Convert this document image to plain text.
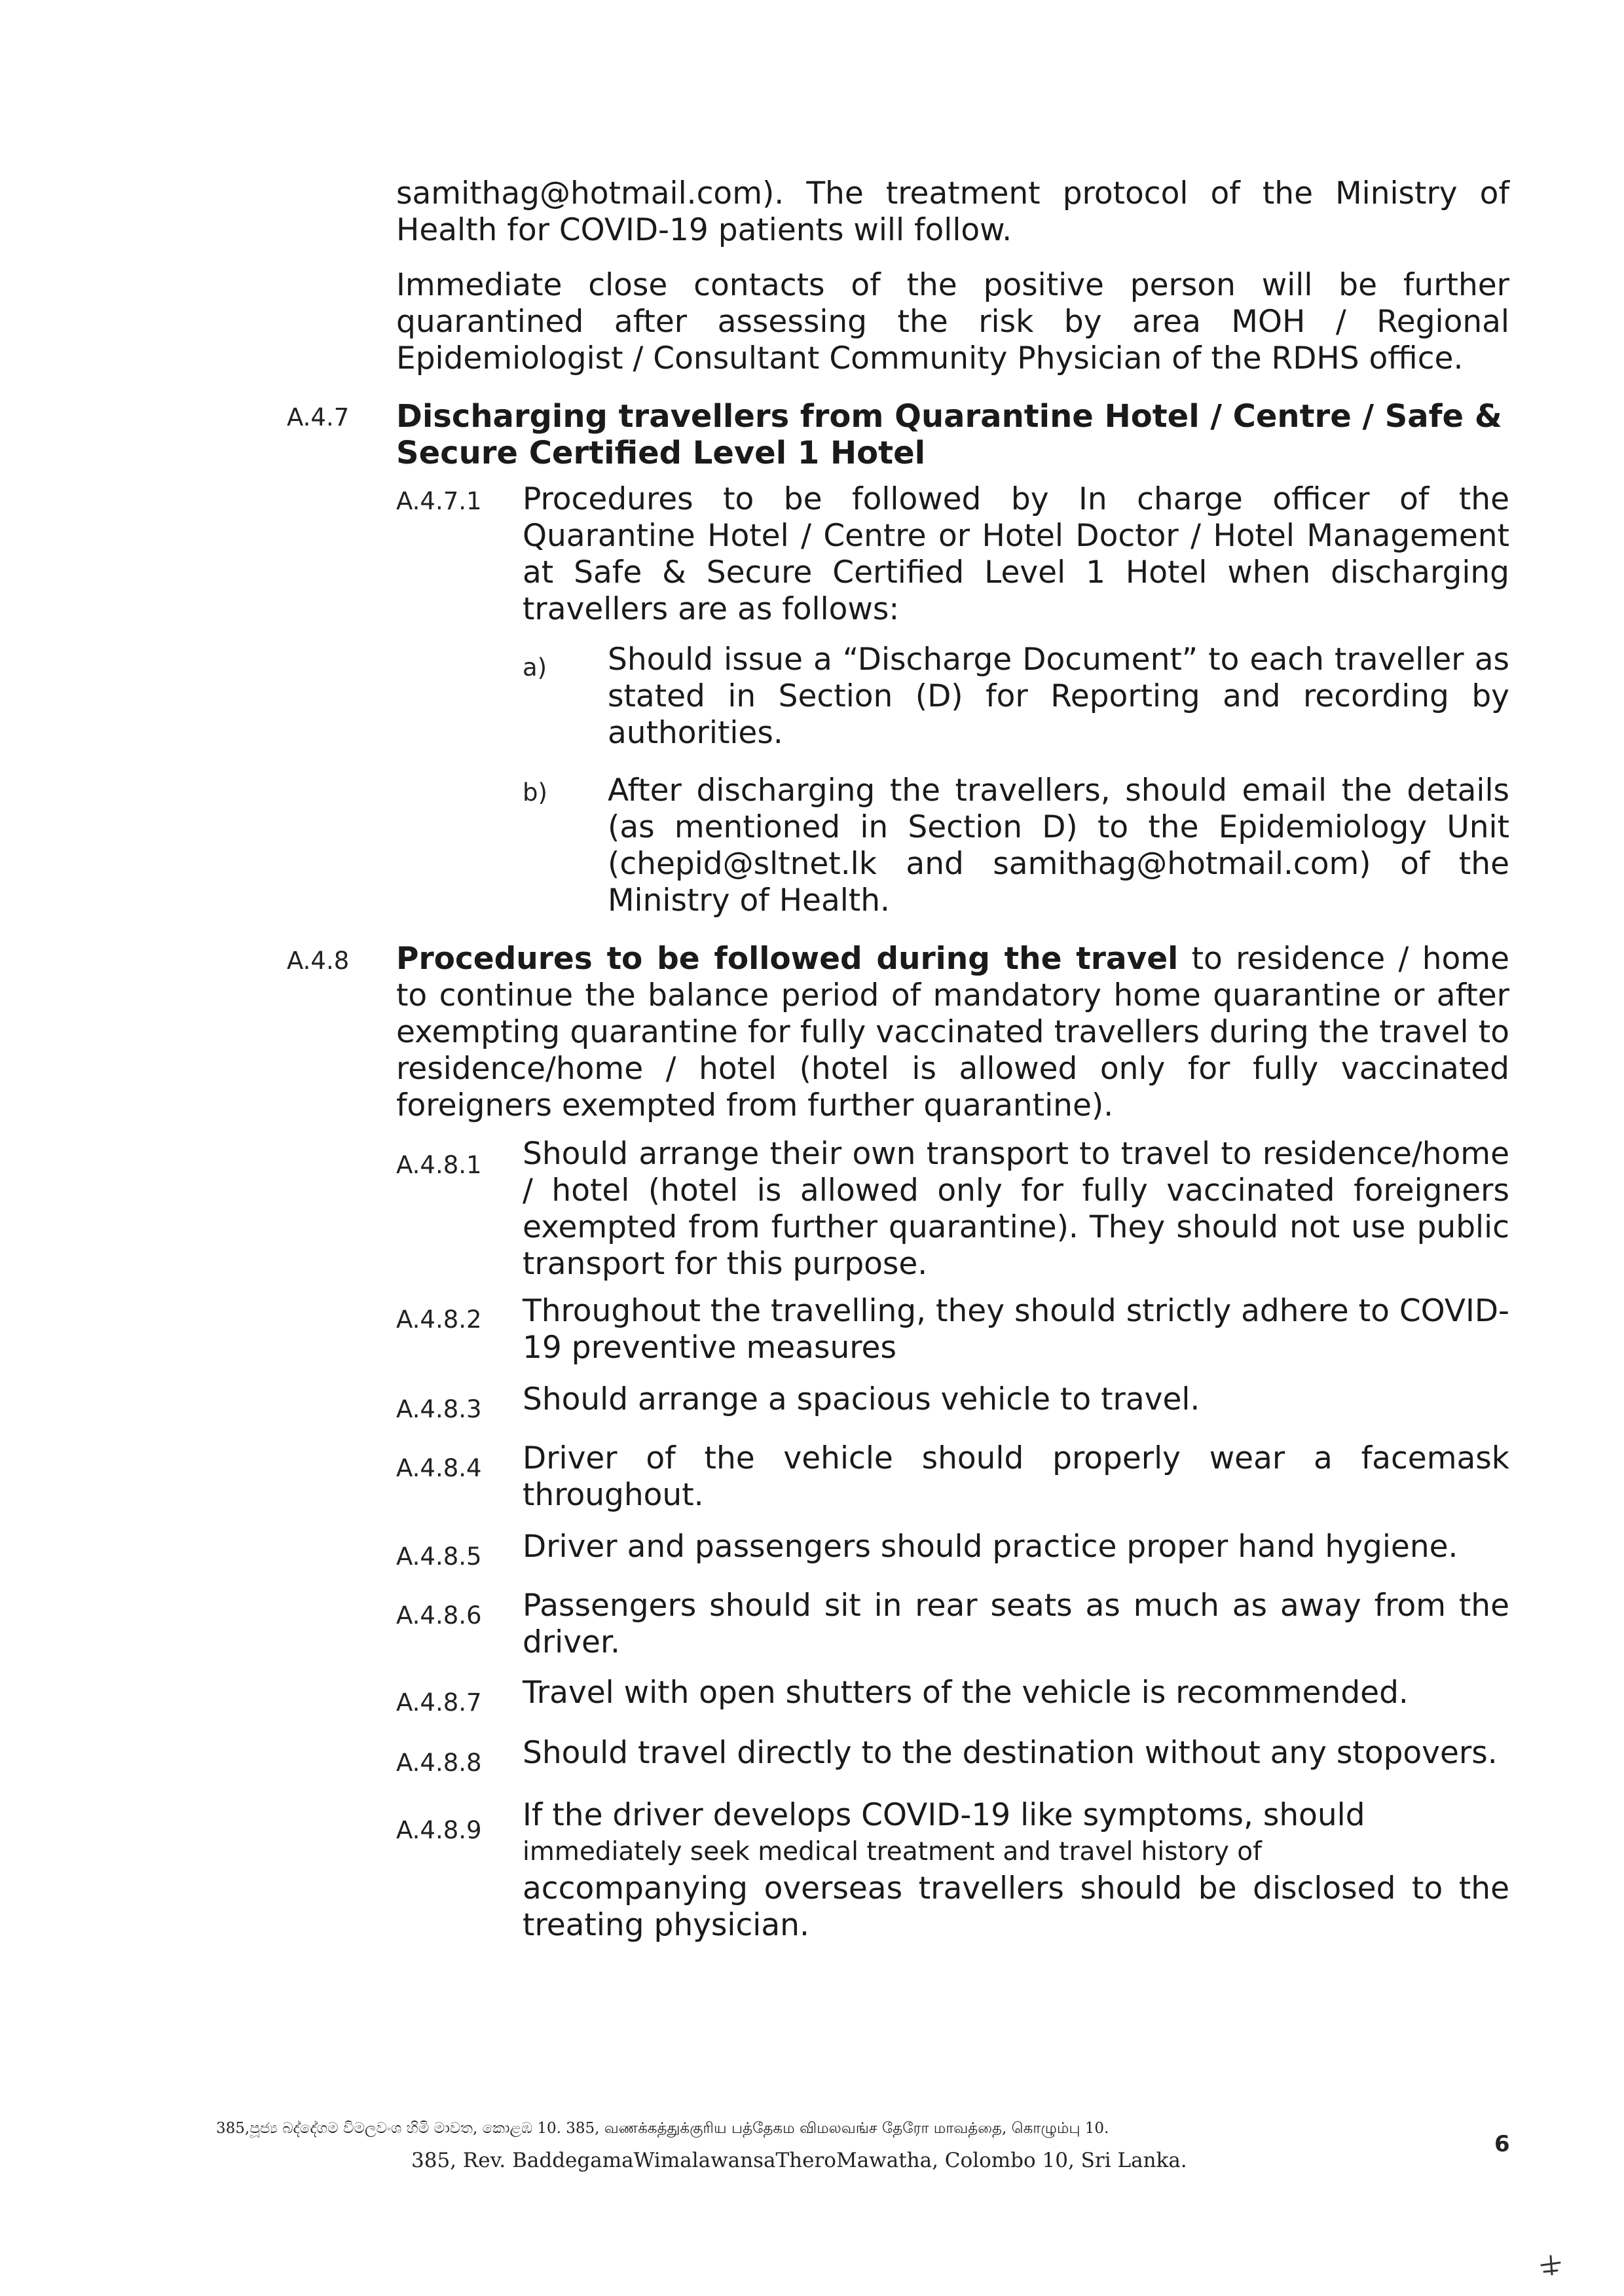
samithag@hotmail.com). The treatment protocol of the Ministry of Health for COVID-19 patients will follow.
Immediate close contacts of the positive person will be further quarantined after assessing the risk by area MOH / Regional Epidemiologist / Consultant Community Physician of the RDHS office.
A.4.7 Discharging travellers from Quarantine Hotel / Centre / Safe & Secure Certified Level 1 Hotel
A.4.7.1 Procedures to be followed by In charge officer of the Quarantine Hotel / Centre or Hotel Doctor / Hotel Management at Safe & Secure Certified Level 1 Hotel when discharging travellers are as follows:
a) Should issue a “Discharge Document” to each traveller as stated in Section (D) for Reporting and recording by authorities.
b) After discharging the travellers, should email the details (as mentioned in Section D) to the Epidemiology Unit (chepid@sltnet.lk and samithag@hotmail.com) of the Ministry of Health.
A.4.8 Procedures to be followed during the travel to residence / home to continue the balance period of mandatory home quarantine or after exempting quarantine for fully vaccinated travellers during the travel to residence/home / hotel (hotel is allowed only for fully vaccinated foreigners exempted from further quarantine).
A.4.8.1 Should arrange their own transport to travel to residence/home / hotel (hotel is allowed only for fully vaccinated foreigners exempted from further quarantine). They should not use public transport for this purpose.
A.4.8.2 Throughout the travelling, they should strictly adhere to COVID-19 preventive measures
A.4.8.3 Should arrange a spacious vehicle to travel.
A.4.8.4 Driver of the vehicle should properly wear a facemask throughout.
A.4.8.5 Driver and passengers should practice proper hand hygiene.
A.4.8.6 Passengers should sit in rear seats as much as away from the driver.
A.4.8.7 Travel with open shutters of the vehicle is recommended.
A.4.8.8 Should travel directly to the destination without any stopovers.
A.4.8.9 If the driver develops COVID-19 like symptoms, should
immediately seek medical treatment and travel history of
accompanying overseas travellers should be disclosed to the treating physician.
385,පූජ්‍ය බද්දේගම විමලවංශ හිමි මාවත, කොළඹ 10. 385, வணக்கத்துக்குரிய பத்தேகம விமலவங்ச தேரோ மாவத்தை, கொழும்பு 10.
385, Rev. BaddegamaWimalawansaTheroMawatha, Colombo 10, Sri Lanka.
6
